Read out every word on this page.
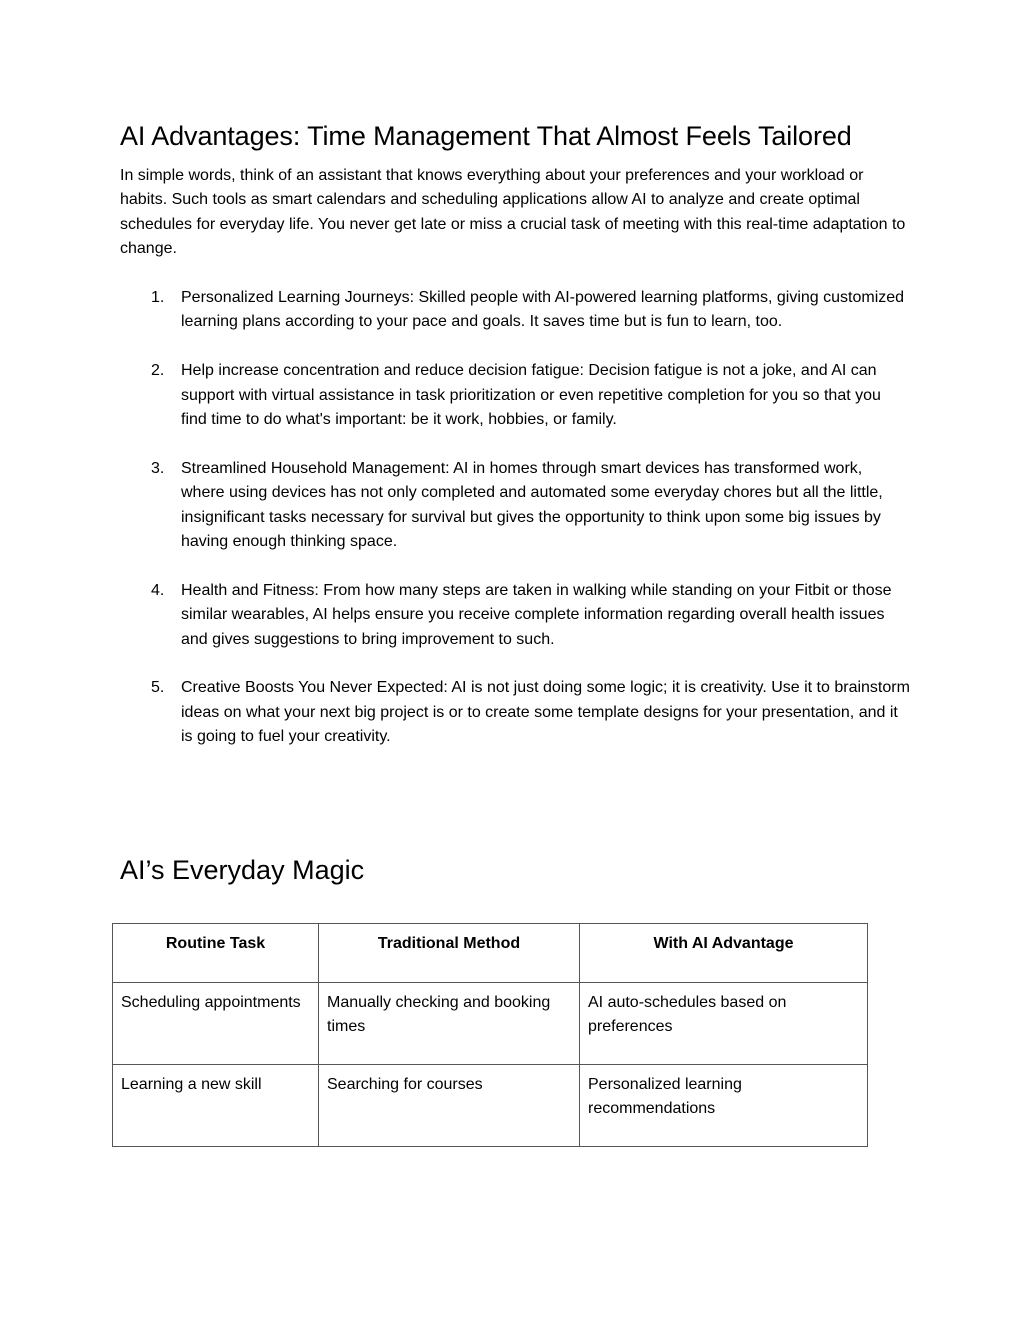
AI Advantages: Time Management That Almost Feels Tailored

In simple words, think of an assistant that knows everything about your preferences and your workload or habits. Such tools as smart calendars and scheduling applications allow AI to analyze and create optimal schedules for everyday life. You never get late or miss a crucial task of meeting with this real-time adaptation to change.

1. Personalized Learning Journeys: Skilled people with AI-powered learning platforms, giving customized learning plans according to your pace and goals. It saves time but is fun to learn, too.
2. Help increase concentration and reduce decision fatigue: Decision fatigue is not a joke, and AI can support with virtual assistance in task prioritization or even repetitive completion for you so that you find time to do what's important: be it work, hobbies, or family.
3. Streamlined Household Management: AI in homes through smart devices has transformed work, where using devices has not only completed and automated some everyday chores but all the little, insignificant tasks necessary for survival but gives the opportunity to think upon some big issues by having enough thinking space.
4. Health and Fitness: From how many steps are taken in walking while standing on your Fitbit or those similar wearables, AI helps ensure you receive complete information regarding overall health issues and gives suggestions to bring improvement to such.
5. Creative Boosts You Never Expected: AI is not just doing some logic; it is creativity. Use it to brainstorm ideas on what your next big project is or to create some template designs for your presentation, and it is going to fuel your creativity.
AI’s Everyday Magic
Routine Task	Traditional Method	With AI Advantage
Scheduling appointments	Manually checking and booking times	AI auto-schedules based on preferences
Learning a new skill	Searching for courses	Personalized learning recommendations
